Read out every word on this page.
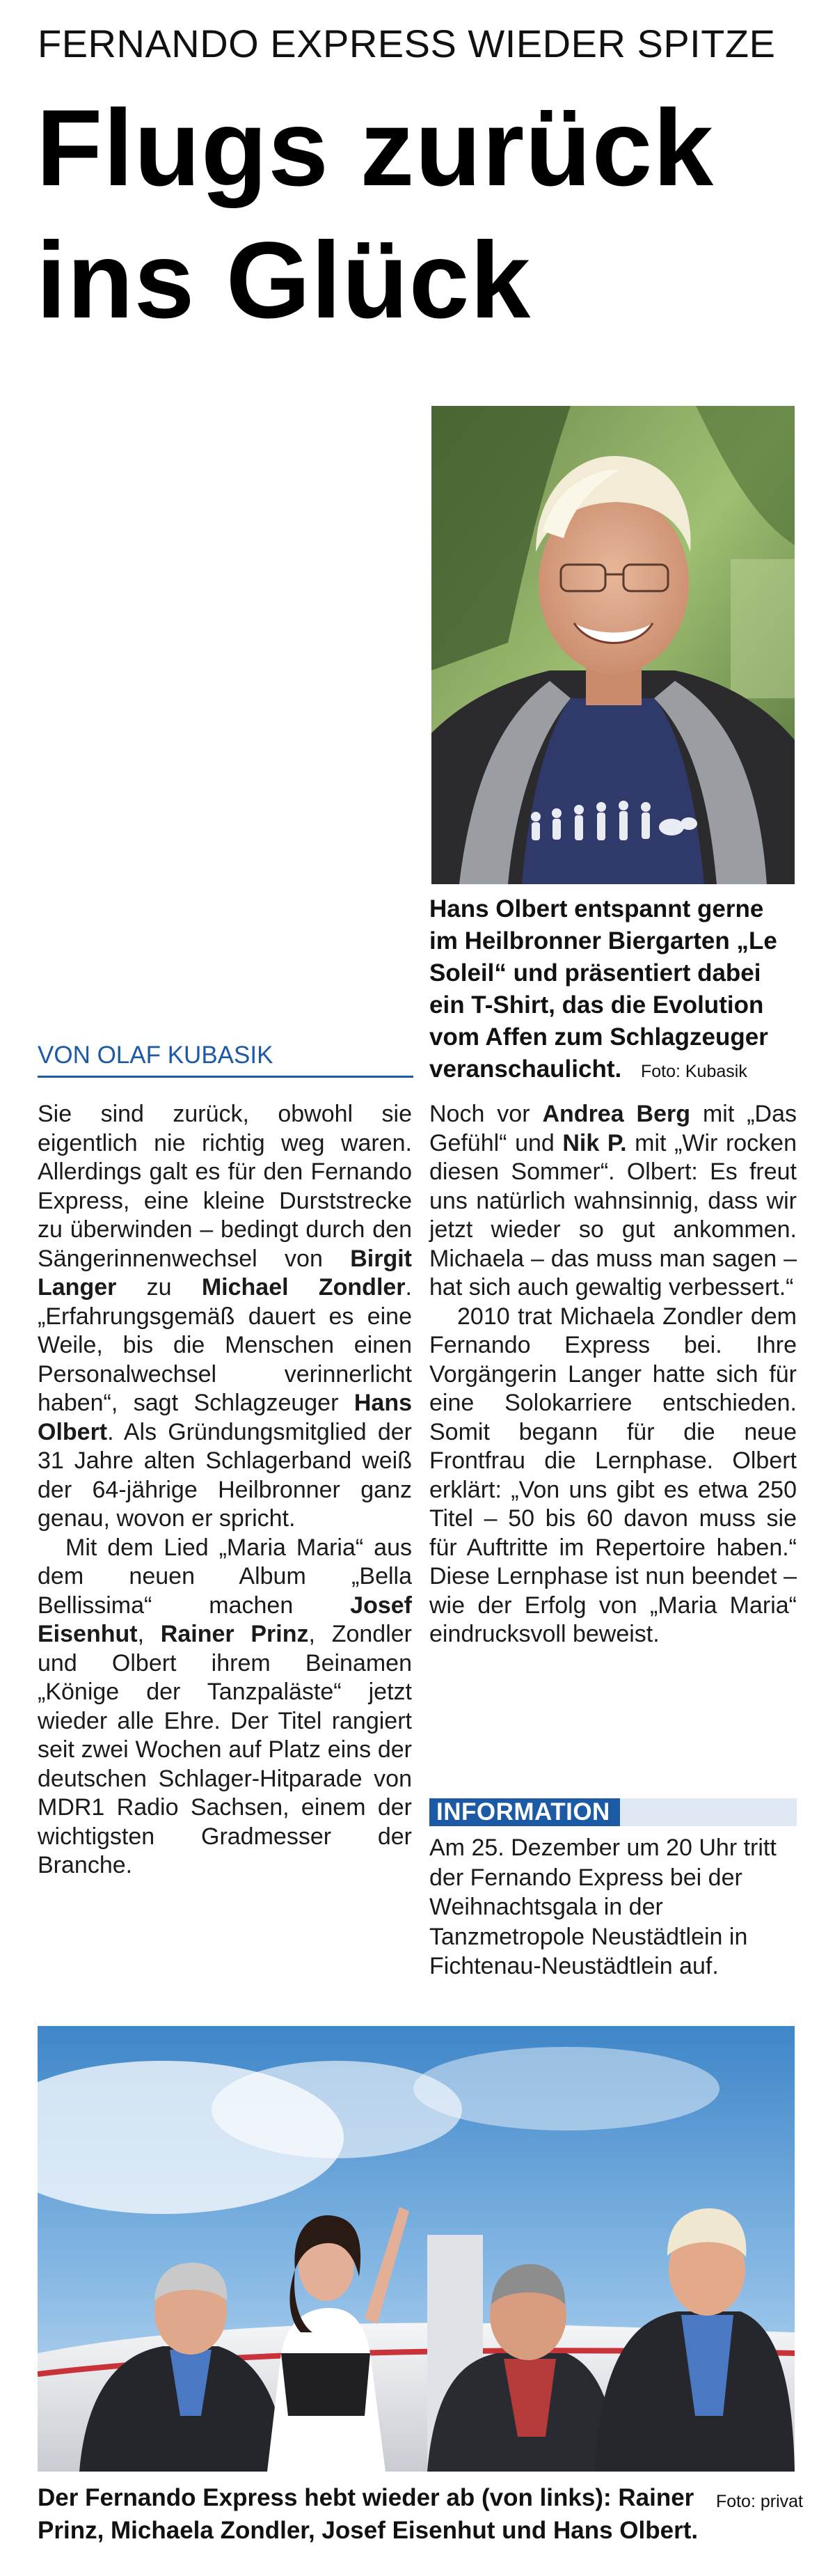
FERNANDO EXPRESS WIEDER SPITZE
Flugs zurück
ins Glück
Hans Olbert entspannt gerne im Heilbronner Biergarten „Le Soleil“ und präsentiert dabei ein T-Shirt, das die Evolution vom Affen zum Schlagzeuger veranschaulicht. Foto: Kubasik
VON OLAF KUBASIK

Sie sind zurück, obwohl sie eigentlich nie richtig weg waren. Allerdings galt es für den Fernando Express, eine kleine Durststrecke zu überwinden – bedingt durch den Sängerinnenwechsel von Birgit Langer zu Michael Zondler. „Erfahrungsgemäß dauert es eine Weile, bis die Menschen einen Personalwechsel verinnerlicht haben“, sagt Schlagzeuger Hans Olbert. Als Gründungsmitglied der 31 Jahre alten Schlagerband weiß der 64-jährige Heilbronner ganz genau, wovon er spricht.

Mit dem Lied „Maria Maria“ aus dem neuen Album „Bella Bellissima“ machen Josef Eisenhut, Rainer Prinz, Zondler und Olbert ihrem Beinamen „Könige der Tanzpaläste“ jetzt wieder alle Ehre. Der Titel rangiert seit zwei Wochen auf Platz eins der deutschen Schlager-Hitparade von MDR1 Radio Sachsen, einem der wichtigsten Gradmesser der Branche.

Noch vor Andrea Berg mit „Das Gefühl“ und Nik P. mit „Wir rocken diesen Sommer“. Olbert: Es freut uns natürlich wahnsinnig, dass wir jetzt wieder so gut ankommen. Michaela – das muss man sagen – hat sich auch gewaltig verbessert.“

2010 trat Michaela Zondler dem Fernando Express bei. Ihre Vorgängerin Langer hatte sich für eine Solokarriere entschieden. Somit begann für die neue Frontfrau die Lernphase. Olbert erklärt: „Von uns gibt es etwa 250 Titel – 50 bis 60 davon muss sie für Auftritte im Repertoire haben.“ Diese Lernphase ist nun beendet – wie der Erfolg von „Maria Maria“ eindrucksvoll beweist.

INFORMATION
Am 25. Dezember um 20 Uhr tritt der Fernando Express bei der Weihnachtsgala in der Tanzmetropole Neustädtlein in Fichtenau-Neustädtlein auf.
Foto: privat
Der Fernando Express hebt wieder ab (von links): Rainer Prinz, Michaela Zondler, Josef Eisenhut und Hans Olbert.
